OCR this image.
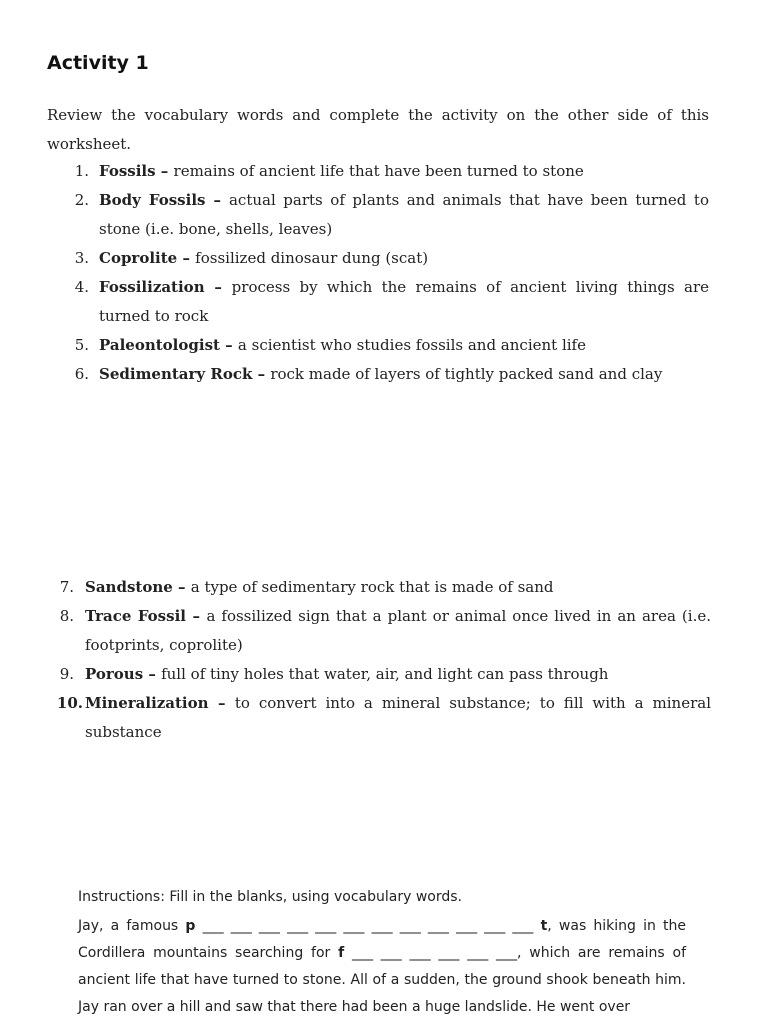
Activity 1
Review the vocabulary words and complete the activity on the other side of this worksheet.
1. Fossils – remains of ancient life that have been turned to stone
2. Body Fossils – actual parts of plants and animals that have been turned to stone (i.e. bone, shells, leaves)
3. Coprolite – fossilized dinosaur dung (scat)
4. Fossilization – process by which the remains of ancient living things are turned to rock
5. Paleontologist – a scientist who studies fossils and ancient life
6. Sedimentary Rock – rock made of layers of tightly packed sand and clay
7. Sandstone – a type of sedimentary rock that is made of sand
8. Trace Fossil – a fossilized sign that a plant or animal once lived in an area (i.e. footprints, coprolite)
9. Porous – full of tiny holes that water, air, and light can pass through
10. Mineralization – to convert into a mineral substance; to fill with a mineral substance
Instructions: Fill in the blanks, using vocabulary words.
Jay, a famous p ___ ___ ___ ___ ___ ___ ___ ___ ___ ___ ___ ___ t, was hiking in the Cordillera mountains searching for f ___ ___ ___ ___ ___ ___, which are remains of ancient life that have turned to stone. All of a sudden, the ground shook beneath him. Jay ran over a hill and saw that there had been a huge landslide. He went over
